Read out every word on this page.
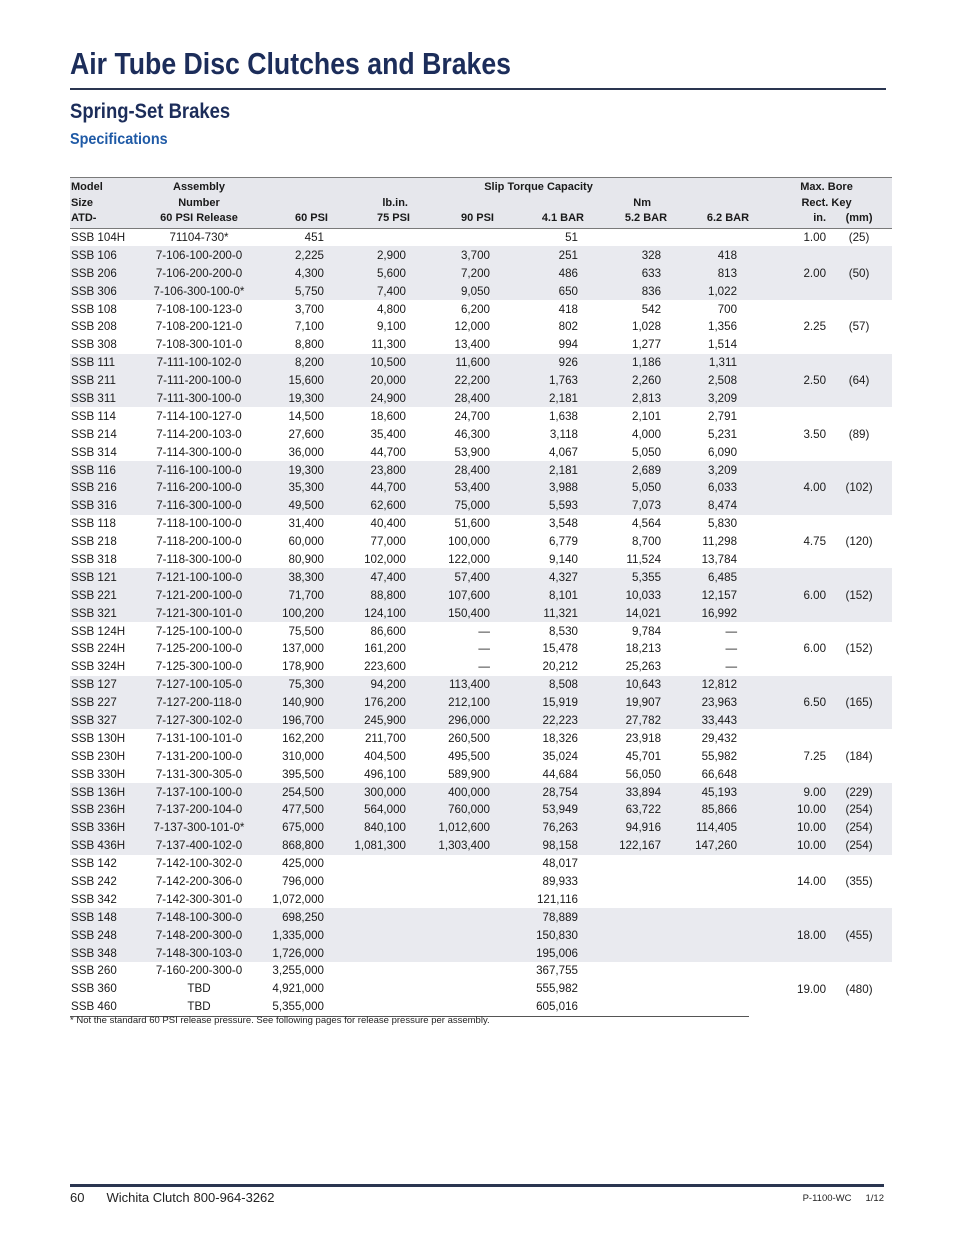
Air Tube Disc Clutches and Brakes
Spring-Set Brakes
Specifications
Model	Assembly			Slip Torque Capacity				Max. Bore	
Size	Number		lb.in.			Nm		Rect. Key	
ATD-	60 PSI Release	60 PSI	75 PSI	90 PSI	4.1 BAR	5.2 BAR	6.2 BAR	in.	(mm)
SSB 104H	71104-730*	451			51			1.00	(25)
SSB 106	7-106-100-200-0	2,225	2,900	3,700	251	328	418	2.00	(50)
SSB 206	7-106-200-200-0	4,300	5,600	7,200	486	633	813		
SSB 306	7-106-300-100-0*	5,750	7,400	9,050	650	836	1,022		
SSB 108	7-108-100-123-0	3,700	4,800	6,200	418	542	700	2.25	(57)
SSB 208	7-108-200-121-0	7,100	9,100	12,000	802	1,028	1,356		
SSB 308	7-108-300-101-0	8,800	11,300	13,400	994	1,277	1,514		
SSB 111	7-111-100-102-0	8,200	10,500	11,600	926	1,186	1,311	2.50	(64)
SSB 211	7-111-200-100-0	15,600	20,000	22,200	1,763	2,260	2,508		
SSB 311	7-111-300-100-0	19,300	24,900	28,400	2,181	2,813	3,209		
SSB 114	7-114-100-127-0	14,500	18,600	24,700	1,638	2,101	2,791	3.50	(89)
SSB 214	7-114-200-103-0	27,600	35,400	46,300	3,118	4,000	5,231		
SSB 314	7-114-300-100-0	36,000	44,700	53,900	4,067	5,050	6,090		
SSB 116	7-116-100-100-0	19,300	23,800	28,400	2,181	2,689	3,209	4.00	(102)
SSB 216	7-116-200-100-0	35,300	44,700	53,400	3,988	5,050	6,033		
SSB 316	7-116-300-100-0	49,500	62,600	75,000	5,593	7,073	8,474		
SSB 118	7-118-100-100-0	31,400	40,400	51,600	3,548	4,564	5,830	4.75	(120)
SSB 218	7-118-200-100-0	60,000	77,000	100,000	6,779	8,700	11,298		
SSB 318	7-118-300-100-0	80,900	102,000	122,000	9,140	11,524	13,784		
SSB 121	7-121-100-100-0	38,300	47,400	57,400	4,327	5,355	6,485	6.00	(152)
SSB 221	7-121-200-100-0	71,700	88,800	107,600	8,101	10,033	12,157		
SSB 321	7-121-300-101-0	100,200	124,100	150,400	11,321	14,021	16,992		
SSB 124H	7-125-100-100-0	75,500	86,600	—	8,530	9,784	—	6.00	(152)
SSB 224H	7-125-200-100-0	137,000	161,200	—	15,478	18,213	—		
SSB 324H	7-125-300-100-0	178,900	223,600	—	20,212	25,263	—		
SSB 127	7-127-100-105-0	75,300	94,200	113,400	8,508	10,643	12,812	6.50	(165)
SSB 227	7-127-200-118-0	140,900	176,200	212,100	15,919	19,907	23,963		
SSB 327	7-127-300-102-0	196,700	245,900	296,000	22,223	27,782	33,443		
SSB 130H	7-131-100-101-0	162,200	211,700	260,500	18,326	23,918	29,432	7.25	(184)
SSB 230H	7-131-200-100-0	310,000	404,500	495,500	35,024	45,701	55,982		
SSB 330H	7-131-300-305-0	395,500	496,100	589,900	44,684	56,050	66,648		
SSB 136H	7-137-100-100-0	254,500	300,000	400,000	28,754	33,894	45,193	9.00	(229)
SSB 236H	7-137-200-104-0	477,500	564,000	760,000	53,949	63,722	85,866	10.00	(254)
SSB 336H	7-137-300-101-0*	675,000	840,100	1,012,600	76,263	94,916	114,405	10.00	(254)
SSB 436H	7-137-400-102-0	868,800	1,081,300	1,303,400	98,158	122,167	147,260	10.00	(254)
SSB 142	7-142-100-302-0	425,000			48,017			14.00	(355)
SSB 242	7-142-200-306-0	796,000			89,933				
SSB 342	7-142-300-301-0	1,072,000			121,116				
SSB 148	7-148-100-300-0	698,250			78,889			18.00	(455)
SSB 248	7-148-200-300-0	1,335,000			150,830				
SSB 348	7-148-300-103-0	1,726,000			195,006				
SSB 260	7-160-200-300-0	3,255,000			367,755			19.00	(480)
SSB 360	TBD	4,921,000			555,982				
SSB 460	TBD	5,355,000			605,016				

* Not the standard 60 PSI release pressure. See following pages for release pressure per assembly.

60 Wichita Clutch 800-964-3262	P-1100-WC 1/12
